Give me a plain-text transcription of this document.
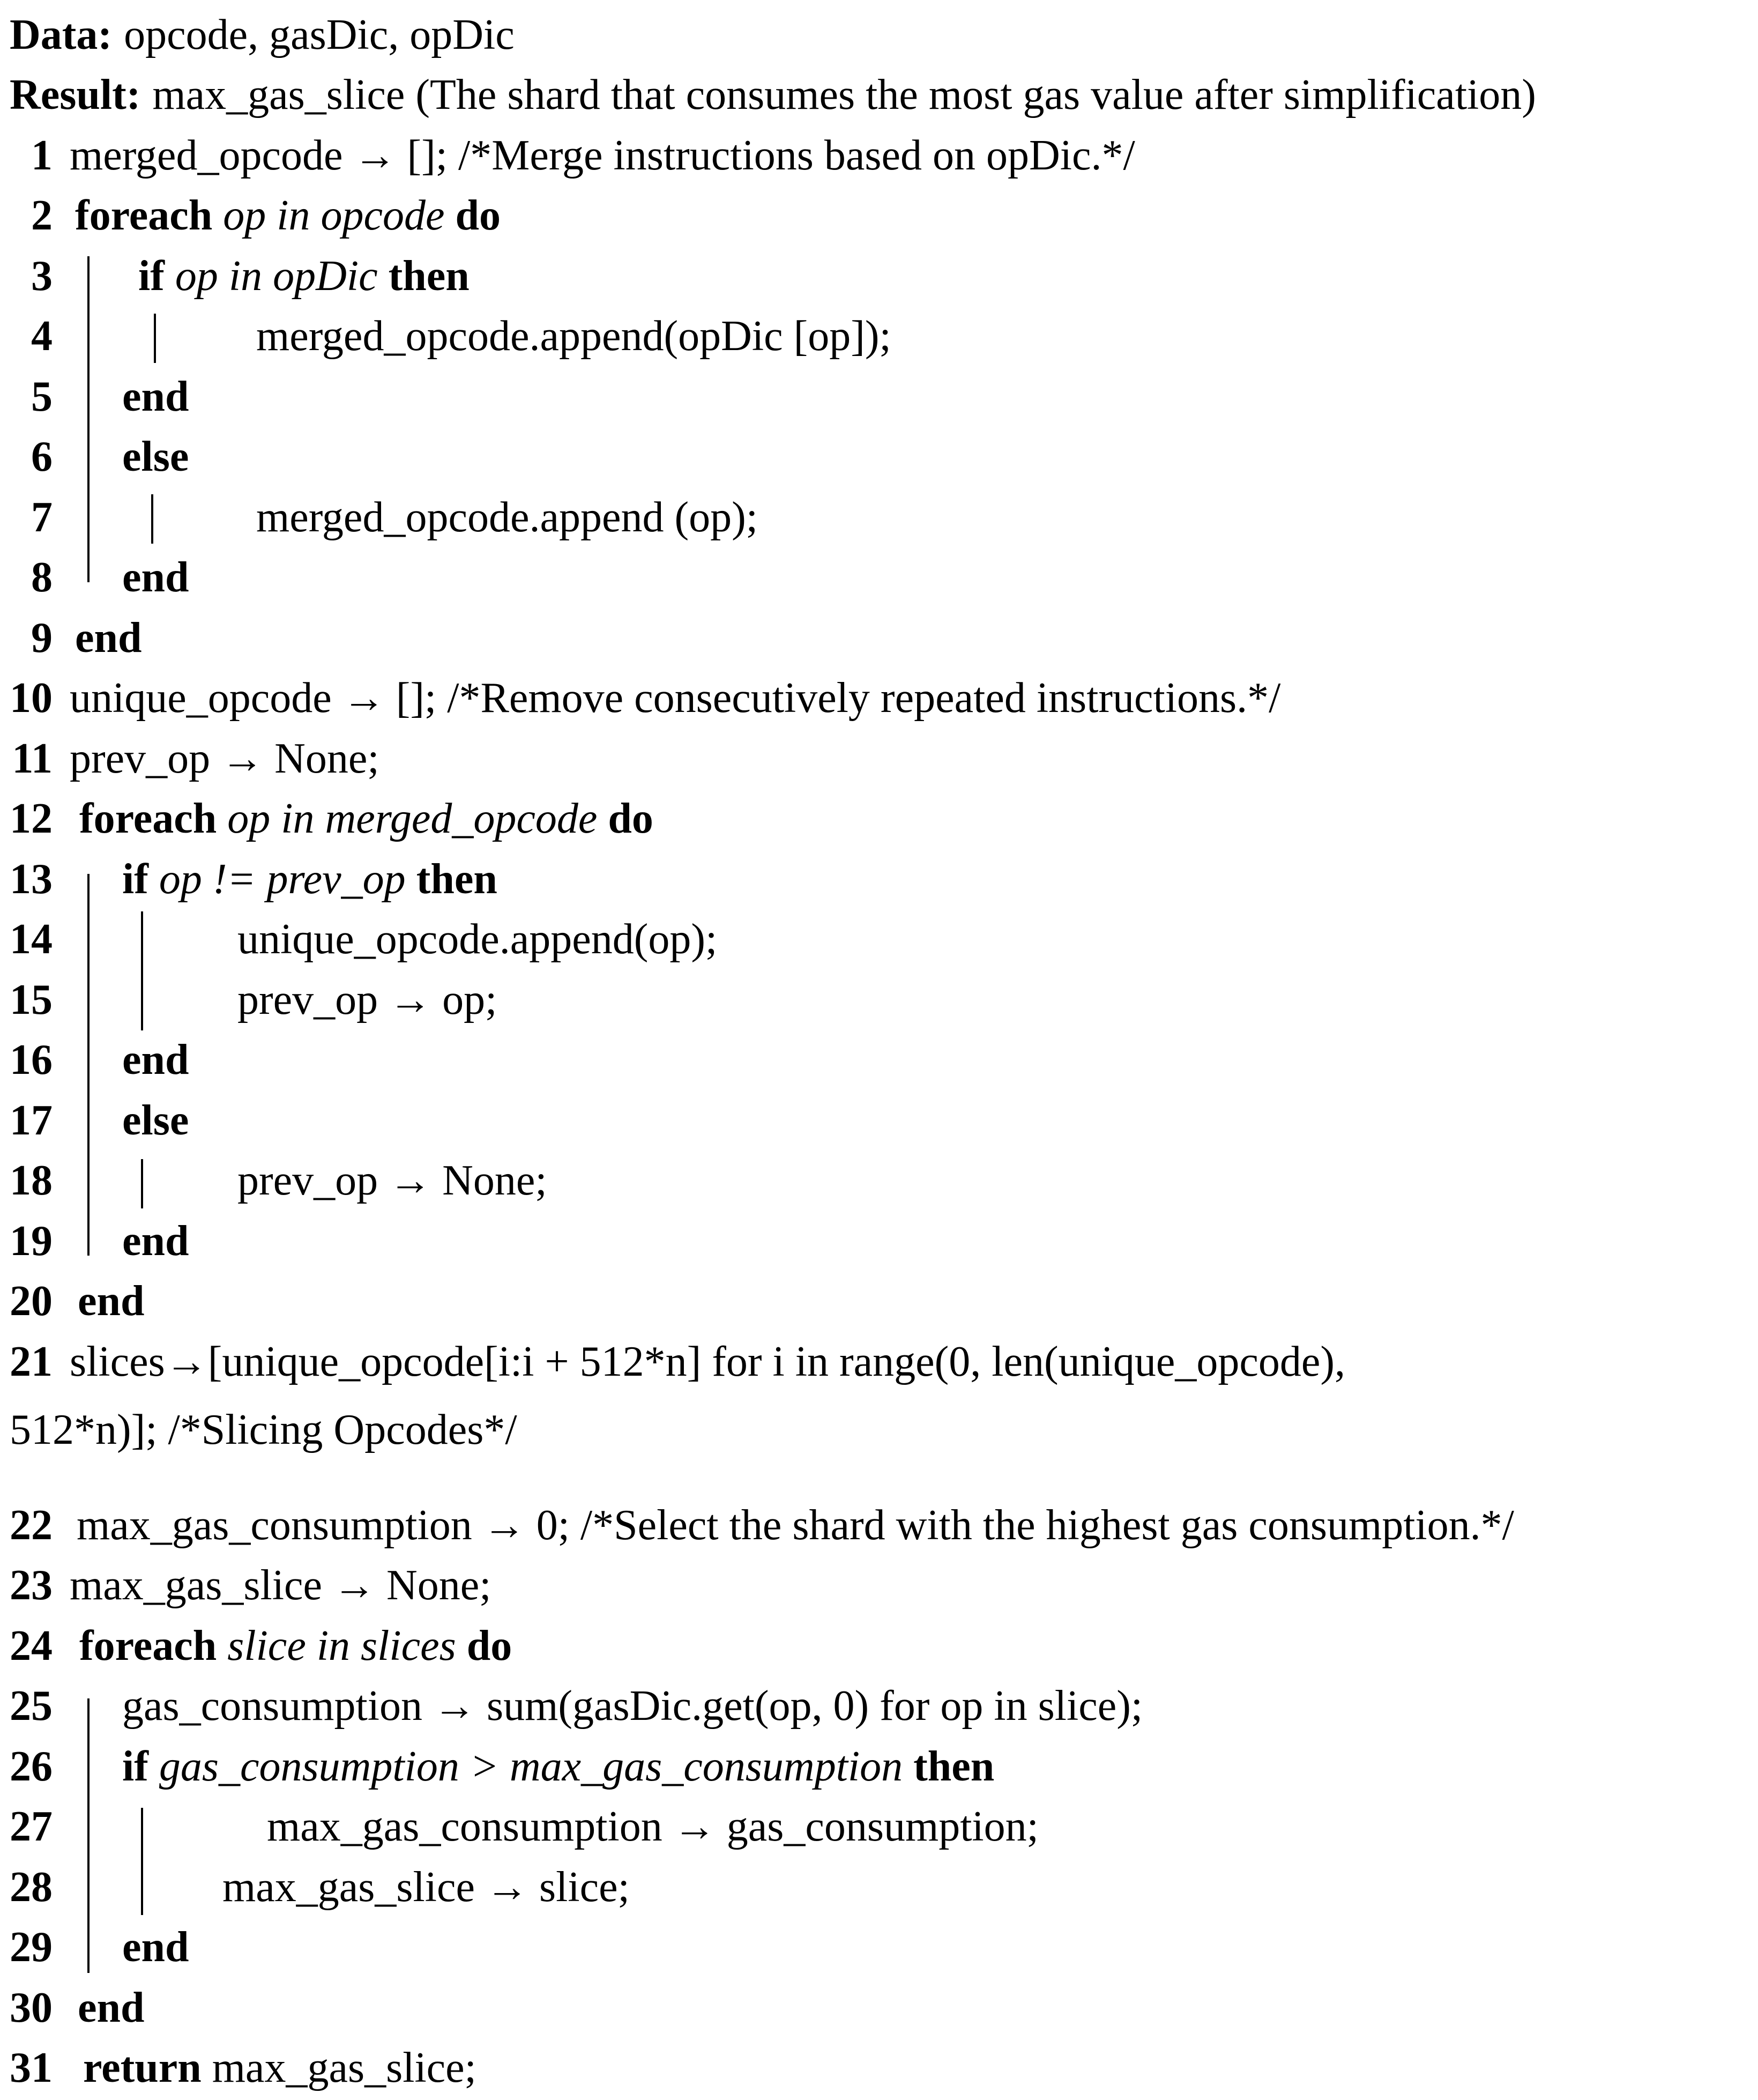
Data: opcode, gasDic, opDic
Result: max_gas_slice (The shard that consumes the most gas value after simplification)
1 merged_opcode → []; /*Merge instructions based on opDic.*/
2 foreach op in opcode do
3 if op in opDic then
4	merged_opcode.append(opDic [op]);
5 end
6 else
7	merged_opcode.append (op);
8 end
9 end
10 unique_opcode → []; /*Remove consecutively repeated instructions.*/
11 prev_op → None;
12 foreach op in merged_opcode do
13 if op != prev_op then
14	unique_opcode.append(op);
15	prev_op → op;
16 end
17 else
18	prev_op → None;
19 end
20 end
21 slices→[unique_opcode[i:i + 512*n] for i in range(0, len(unique_opcode),
512*n)]; /*Slicing Opcodes*/
22 max_gas_consumption → 0; /*Select the shard with the highest gas consumption.*/
23 max_gas_slice → None;
24 foreach slice in slices do
25 gas_consumption → sum(gasDic.get(op, 0) for op in slice);
26 if gas_consumption > max_gas_consumption then
27	max_gas_consumption → gas_consumption;
28	max_gas_slice → slice;
29 end
30 end
31 return max_gas_slice;
